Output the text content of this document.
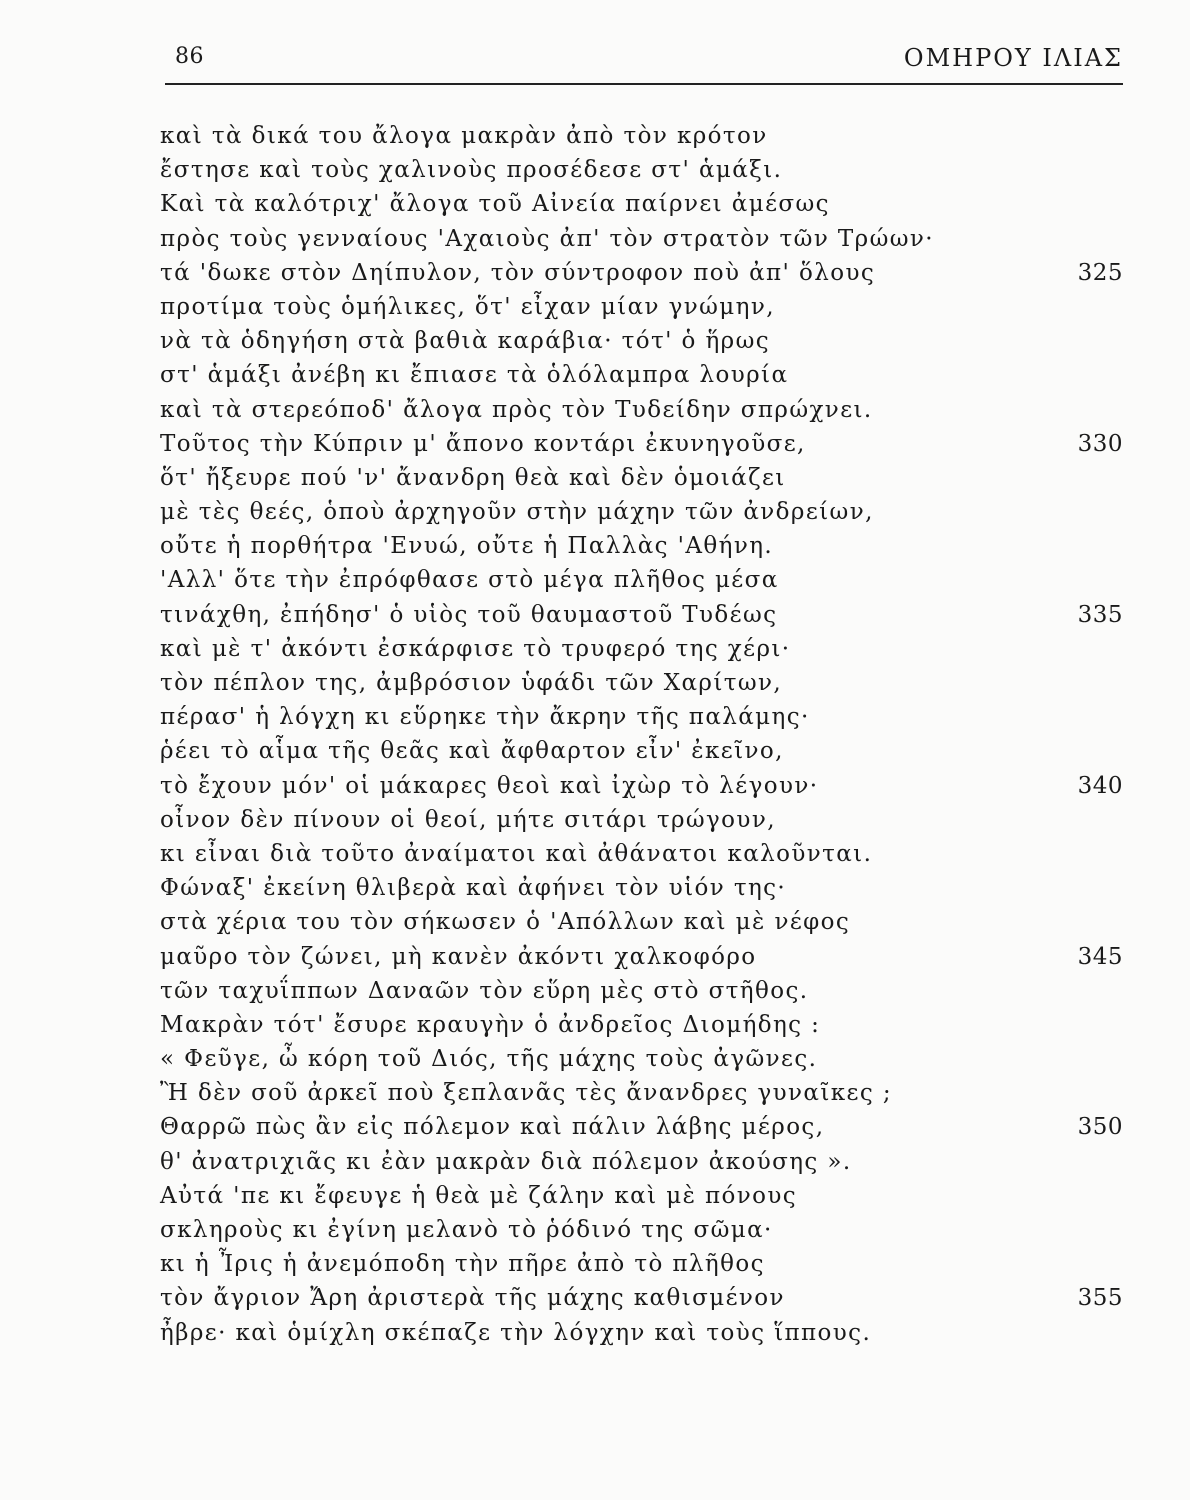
86	ΟΜΗΡΟΥ ΙΛΙΑΣ
καὶ τὰ δικά του ἄλογα μακρὰν ἀπὸ τὸν κρότον
ἔστησε καὶ τοὺς χαλινοὺς προσέδεσε στ' ἁμάξι.
Καὶ τὰ καλότριχ' ἄλογα τοῦ Αἰνεία παίρνει ἀμέσως
πρὸς τοὺς γενναίους 'Αχαιοὺς ἀπ' τὸν στρατὸν τῶν Τρώων·
τά 'δωκε στὸν Δηίπυλον, τὸν σύντροφον ποὺ ἀπ' ὅλους	325
προτίμα τοὺς ὁμήλικες, ὅτ' εἶχαν μίαν γνώμην,
νὰ τὰ ὁδηγήση στὰ βαθιὰ καράβια· τότ' ὁ ἥρως
στ' ἁμάξι ἀνέβη κι ἔπιασε τὰ ὁλόλαμπρα λουρία
καὶ τὰ στερεόποδ' ἄλογα πρὸς τὸν Τυδείδην σπρώχνει.
Τοῦτος τὴν Κύπριν μ' ἄπονο κοντάρι ἐκυνηγοῦσε,	330
ὅτ' ἤξευρε πού 'ν' ἄνανδρη θεὰ καὶ δὲν ὁμοιάζει
μὲ τὲς θεές, ὁποὺ ἀρχηγοῦν στὴν μάχην τῶν ἀνδρείων,
οὔτε ἡ πορθήτρα 'Ενυώ, οὔτε ἡ Παλλὰς 'Αθήνη.
'Αλλ' ὅτε τὴν ἐπρόφθασε στὸ μέγα πλῆθος μέσα
τινάχθη, ἐπήδησ' ὁ υἱὸς τοῦ θαυμαστοῦ Τυδέως	335
καὶ μὲ τ' ἀκόντι ἐσκάρφισε τὸ τρυφερό της χέρι·
τὸν πέπλον της, ἀμβρόσιον ὑφάδι τῶν Χαρίτων,
πέρασ' ἡ λόγχη κι εὕρηκε τὴν ἄκρην τῆς παλάμης·
ῥέει τὸ αἷμα τῆς θεᾶς καὶ ἄφθαρτον εἶν' ἐκεῖνο,
τὸ ἔχουν μόν' οἱ μάκαρες θεοὶ καὶ ἰχὼρ τὸ λέγουν·	340
οἶνον δὲν πίνουν οἱ θεοί, μήτε σιτάρι τρώγουν,
κι εἶναι διὰ τοῦτο ἀναίματοι καὶ ἀθάνατοι καλοῦνται.
Φώναξ' ἐκείνη θλιβερὰ καὶ ἀφήνει τὸν υἱόν της·
στὰ χέρια του τὸν σήκωσεν ὁ 'Απόλλων καὶ μὲ νέφος
μαῦρο τὸν ζώνει, μὴ κανὲν ἀκόντι χαλκοφόρο	345
τῶν ταχυΐππων Δαναῶν τὸν εὕρη μὲς στὸ στῆθος.
Μακρὰν τότ' ἔσυρε κραυγὴν ὁ ἀνδρεῖος Διομήδης :
« Φεῦγε, ὦ κόρη τοῦ Διός, τῆς μάχης τοὺς ἀγῶνες.
Ἢ δὲν σοῦ ἀρκεῖ ποὺ ξεπλανᾶς τὲς ἄνανδρες γυναῖκες ;
Θαρρῶ πὼς ἂν εἰς πόλεμον καὶ πάλιν λάβης μέρος,	350
θ' ἀνατριχιᾶς κι ἐὰν μακρὰν διὰ πόλεμον ἀκούσης ».
Αὐτά 'πε κι ἔφευγε ἡ θεὰ μὲ ζάλην καὶ μὲ πόνους
σκληροὺς κι ἐγίνη μελανὸ τὸ ῥόδινό της σῶμα·
κι ἡ Ἶρις ἡ ἀνεμόποδη τὴν πῆρε ἀπὸ τὸ πλῆθος
τὸν ἄγριον Ἄρη ἀριστερὰ τῆς μάχης καθισμένον	355
ἦβρε· καὶ ὁμίχλη σκέπαζε τὴν λόγχην καὶ τοὺς ἵππους.
